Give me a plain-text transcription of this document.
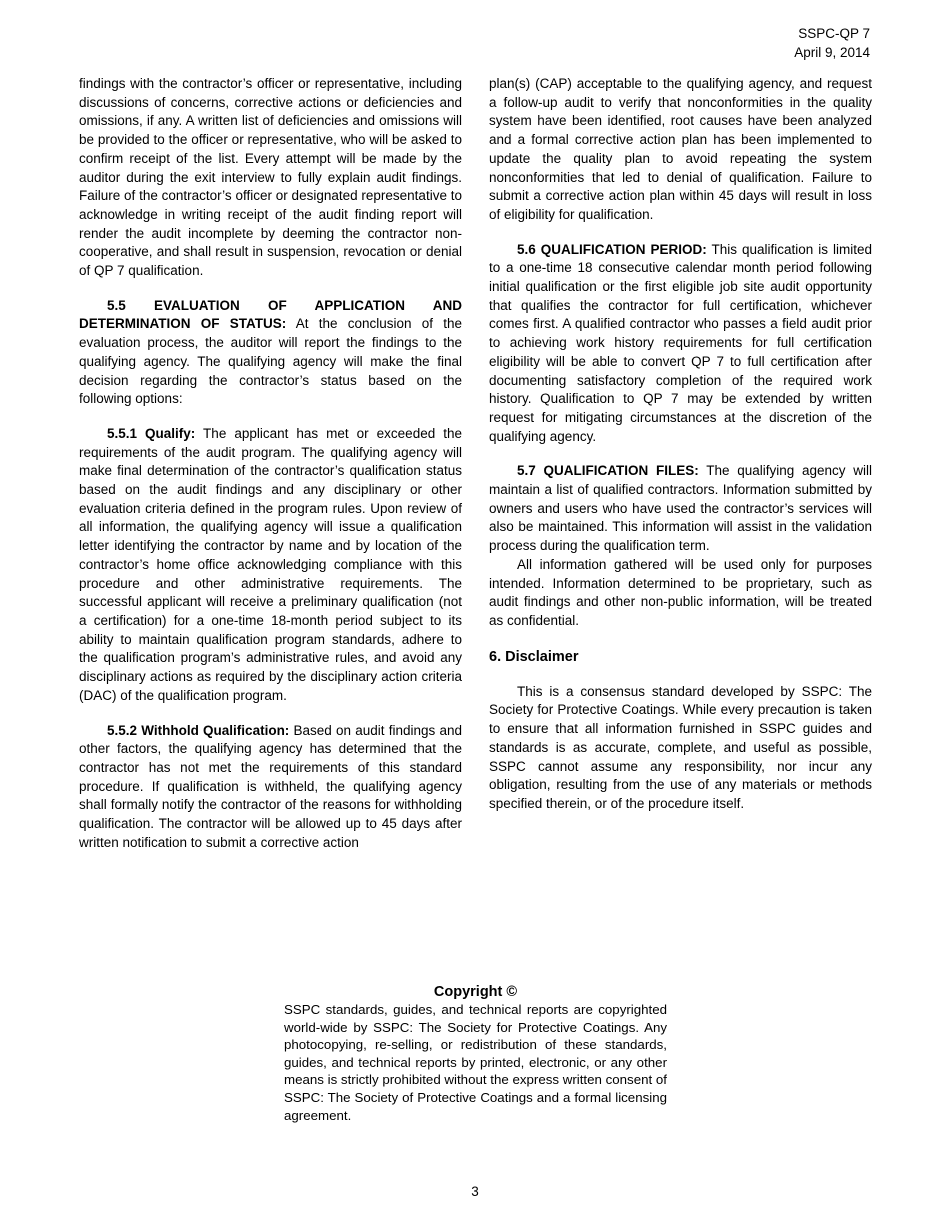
SSPC-QP 7
April 9, 2014

findings with the contractor’s officer or representative, including discussions of concerns, corrective actions or deficiencies and omissions, if any. A written list of deficiencies and omissions will be provided to the officer or representative, who will be asked to confirm receipt of the list. Every attempt will be made by the auditor during the exit interview to fully explain audit findings. Failure of the contractor’s officer or designated representative to acknowledge in writing receipt of the audit finding report will render the audit incomplete by deeming the contractor non-cooperative, and shall result in suspension, revocation or denial of QP 7 qualification.

5.5 EVALUATION OF APPLICATION AND DETERMINATION OF STATUS: At the conclusion of the evaluation process, the auditor will report the findings to the qualifying agency. The qualifying agency will make the final decision regarding the contractor’s status based on the following options:

5.5.1 Qualify: The applicant has met or exceeded the requirements of the audit program. The qualifying agency will make final determination of the contractor’s qualification status based on the audit findings and any disciplinary or other evaluation criteria defined in the program rules. Upon review of all information, the qualifying agency will issue a qualification letter identifying the contractor by name and by location of the contractor’s home office acknowledging compliance with this procedure and other administrative requirements. The successful applicant will receive a preliminary qualification (not a certification) for a one-time 18-month period subject to its ability to maintain qualification program standards, adhere to the qualification program’s administrative rules, and avoid any disciplinary actions as required by the disciplinary action criteria (DAC) of the qualification program.

5.5.2 Withhold Qualification: Based on audit findings and other factors, the qualifying agency has determined that the contractor has not met the requirements of this standard procedure. If qualification is withheld, the qualifying agency shall formally notify the contractor of the reasons for withholding qualification. The contractor will be allowed up to 45 days after written notification to submit a corrective action

plan(s) (CAP) acceptable to the qualifying agency, and request a follow-up audit to verify that nonconformities in the quality system have been identified, root causes have been analyzed and a formal corrective action plan has been implemented to update the quality plan to avoid repeating the system nonconformities that led to denial of qualification. Failure to submit a corrective action plan within 45 days will result in loss of eligibility for qualification.

5.6 QUALIFICATION PERIOD: This qualification is limited to a one-time 18 consecutive calendar month period following initial qualification or the first eligible job site audit opportunity that qualifies the contractor for full certification, whichever comes first. A qualified contractor who passes a field audit prior to achieving work history requirements for full certification eligibility will be able to convert QP 7 to full certification after documenting satisfactory completion of the required work history. Qualification to QP 7 may be extended by written request for mitigating circumstances at the discretion of the qualifying agency.

5.7 QUALIFICATION FILES: The qualifying agency will maintain a list of qualified contractors. Information submitted by owners and users who have used the contractor’s services will also be maintained. This information will assist in the validation process during the qualification term.

All information gathered will be used only for purposes intended. Information determined to be proprietary, such as audit findings and other non-public information, will be treated as confidential.

6. Disclaimer

This is a consensus standard developed by SSPC: The Society for Protective Coatings. While every precaution is taken to ensure that all information furnished in SSPC guides and standards is as accurate, complete, and useful as possible, SSPC cannot assume any responsibility, nor incur any obligation, resulting from the use of any materials or methods specified therein, or of the procedure itself.

Copyright ©

SSPC standards, guides, and technical reports are copyrighted world-wide by SSPC: The Society for Protective Coatings. Any photocopying, re-selling, or redistribution of these standards, guides, and technical reports by printed, electronic, or any other means is strictly prohibited without the express written consent of SSPC: The Society of Protective Coatings and a formal licensing agreement.

3
